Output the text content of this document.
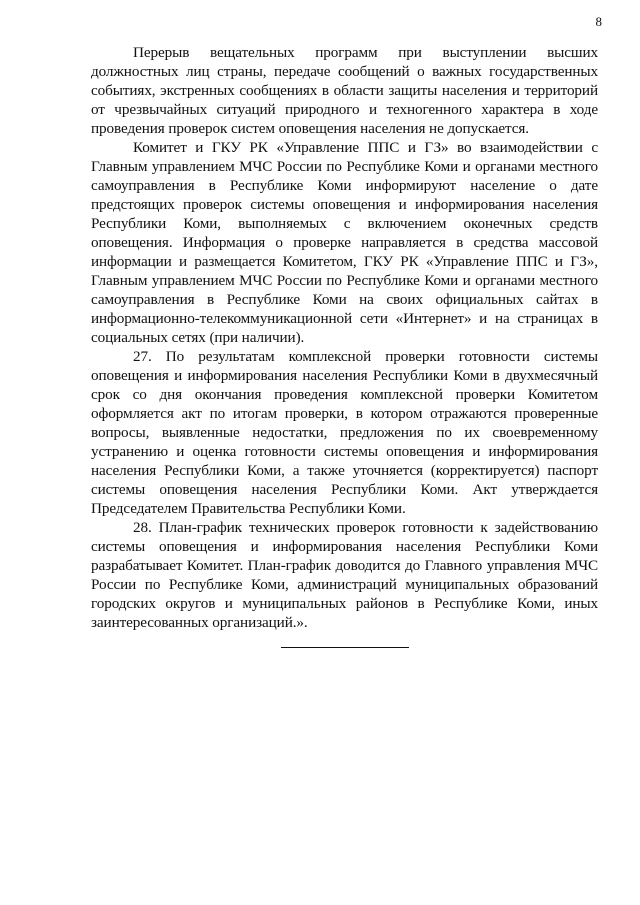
8

Перерыв вещательных программ при выступлении высших должностных лиц страны, передаче сообщений о важных государственных событиях, экстренных сообщениях в области защиты населения и территорий от чрезвычайных ситуаций природного и техногенного характера в ходе проведения проверок систем оповещения населения не допускается.

Комитет и ГКУ РК «Управление ППС и ГЗ» во взаимодействии с Главным управлением МЧС России по Республике Коми и органами местного самоуправления в Республике Коми информируют население о дате предстоящих проверок системы оповещения и информирования населения Республики Коми, выполняемых с включением оконечных средств оповещения. Информация о проверке направляется в средства массовой информации и размещается Комитетом, ГКУ РК «Управление ППС и ГЗ», Главным управлением МЧС России по Республике Коми и органами местного самоуправления в Республике Коми на своих официальных сайтах в информационно-телекоммуникационной сети «Интернет» и на страницах в социальных сетях (при наличии).

27. По результатам комплексной проверки готовности системы оповещения и информирования населения Республики Коми в двухмесячный срок со дня окончания проведения комплексной проверки Комитетом оформляется акт по итогам проверки, в котором отражаются проверенные вопросы, выявленные недостатки, предложения по их своевременному устранению и оценка готовности системы оповещения и информирования населения Республики Коми, а также уточняется (корректируется) паспорт системы оповещения населения Республики Коми. Акт утверждается Председателем Правительства Республики Коми.

28. План-график технических проверок готовности к задействованию системы оповещения и информирования населения Республики Коми разрабатывает Комитет. План-график доводится до Главного управления МЧС России по Республике Коми, администраций муниципальных образований городских округов и муниципальных районов в Республике Коми, иных заинтересованных организаций.».
